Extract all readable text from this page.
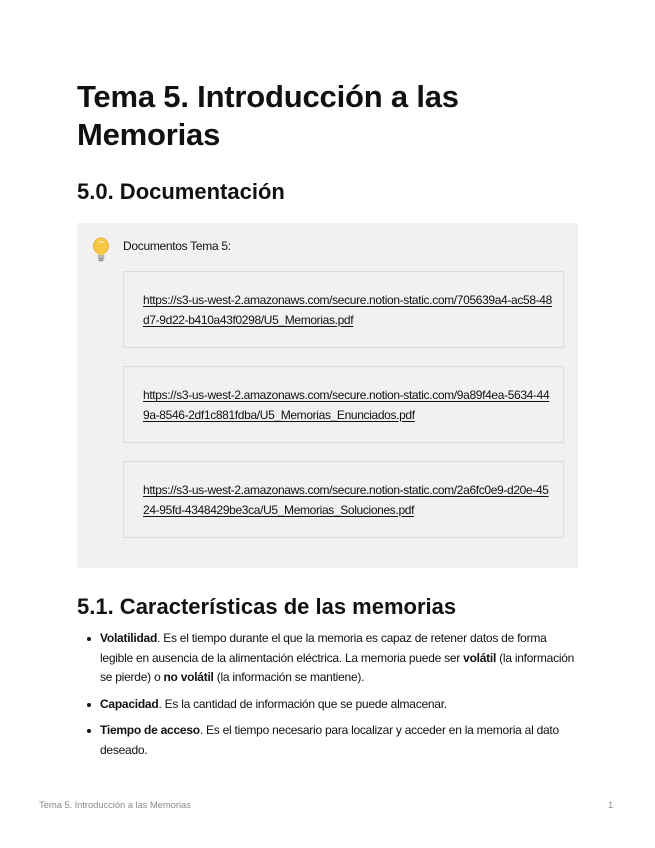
Tema 5. Introducción a las Memorias
5.0. Documentación
Documentos Tema 5:
https://s3-us-west-2.amazonaws.com/secure.notion-static.com/705639a4-ac58-48d7-9d22-b410a43f0298/U5_Memorias.pdf
https://s3-us-west-2.amazonaws.com/secure.notion-static.com/9a89f4ea-5634-449a-8546-2df1c881fdba/U5_Memorias_Enunciados.pdf
https://s3-us-west-2.amazonaws.com/secure.notion-static.com/2a6fc0e9-d20e-4524-95fd-4348429be3ca/U5_Memorias_Soluciones.pdf
5.1. Características de las memorias
Volatilidad. Es el tiempo durante el que la memoria es capaz de retener datos de forma legible en ausencia de la alimentación eléctrica. La memoria puede ser volátil (la información se pierde) o no volátil (la información se mantiene).
Capacidad. Es la cantidad de información que se puede almacenar.
Tiempo de acceso. Es el tiempo necesario para localizar y acceder en la memoria al dato deseado.
Tema 5. Introducción a las Memorias	1
